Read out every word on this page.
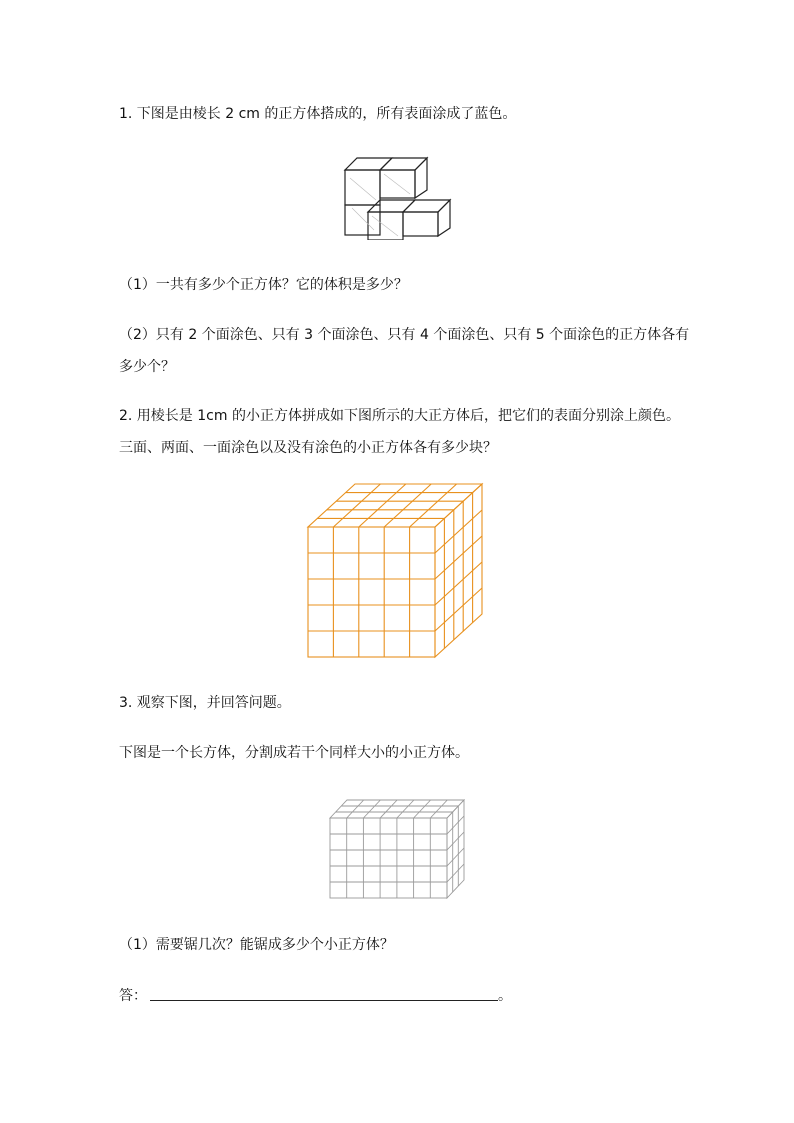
1. 下图是由棱长 2 cm 的正方体搭成的，所有表面涂成了蓝色。
（1）一共有多少个正方体？它的体积是多少？
（2）只有 2 个面涂色、只有 3 个面涂色、只有 4 个面涂色、只有 5 个面涂色的正方体各有
多少个？
2. 用棱长是 1cm 的小正方体拼成如下图所示的大正方体后，把它们的表面分别涂上颜色。
三面、两面、一面涂色以及没有涂色的小正方体各有多少块？
3. 观察下图，并回答问题。
下图是一个长方体，分割成若干个同样大小的小正方体。
（1）需要锯几次？能锯成多少个小正方体？
答：	。
